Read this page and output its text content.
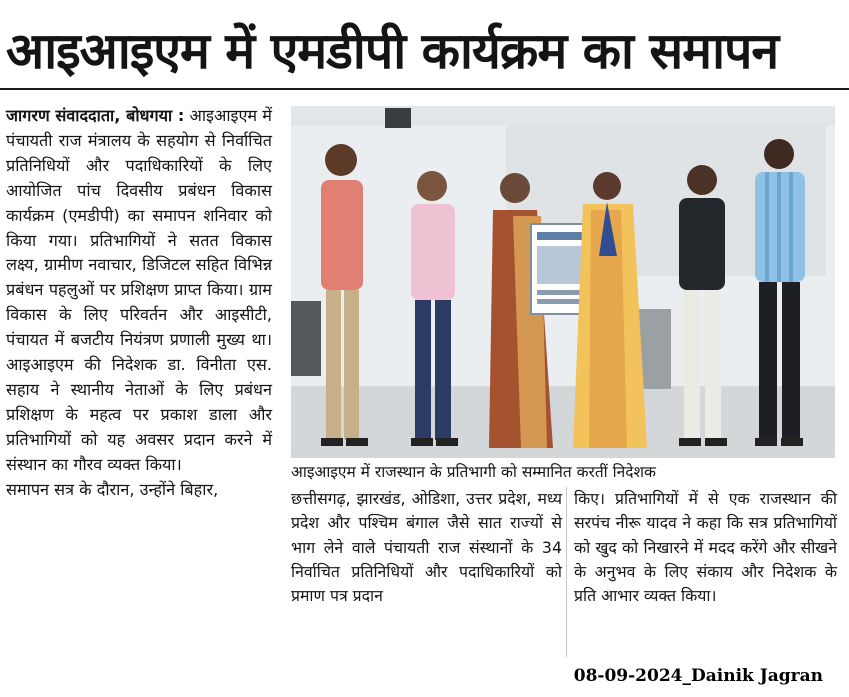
आइआइएम में एमडीपी कार्यक्रम का समापन

जागरण संवाददाता, बोधगया : आइआइएम में पंचायती राज मंत्रालय के सहयोग से निर्वाचित प्रतिनिधियों और पदाधिकारियों के लिए आयोजित पांच दिवसीय प्रबंधन विकास कार्यक्रम (एमडीपी) का समापन शनिवार को किया गया। प्रतिभागियों ने सतत विकास लक्ष्य, ग्रामीण नवाचार, डिजिटल सहित विभिन्न प्रबंधन पहलुओं पर प्रशिक्षण प्राप्त किया। ग्राम विकास के लिए परिवर्तन और आइसीटी, पंचायत में बजटीय नियंत्रण प्रणाली मुख्य था। आइआइएम की निदेशक डा. विनीता एस. सहाय ने स्थानीय नेताओं के लिए प्रबंधन प्रशिक्षण के महत्व पर प्रकाश डाला और प्रतिभागियों को यह अवसर प्रदान करने में संस्थान का गौरव व्यक्त किया।

समापन सत्र के दौरान, उन्होंने बिहार,

आइआइएम में राजस्थान के प्रतिभागी को सम्मानित करतीं निदेशक

छत्तीसगढ़, झारखंड, ओडिशा, उत्तर प्रदेश, मध्य प्रदेश और पश्चिम बंगाल जैसे सात राज्यों से भाग लेने वाले पंचायती राज संस्थानों के 34 निर्वाचित प्रतिनिधियों और पदाधिकारियों को प्रमाण पत्र प्रदान

किए। प्रतिभागियों में से एक राजस्थान की सरपंच नीरू यादव ने कहा कि सत्र प्रतिभागियों को खुद को निखारने में मदद करेंगे और सीखने के अनुभव के लिए संकाय और निदेशक के प्रति आभार व्यक्त किया।

08-09-2024_Dainik Jagran
